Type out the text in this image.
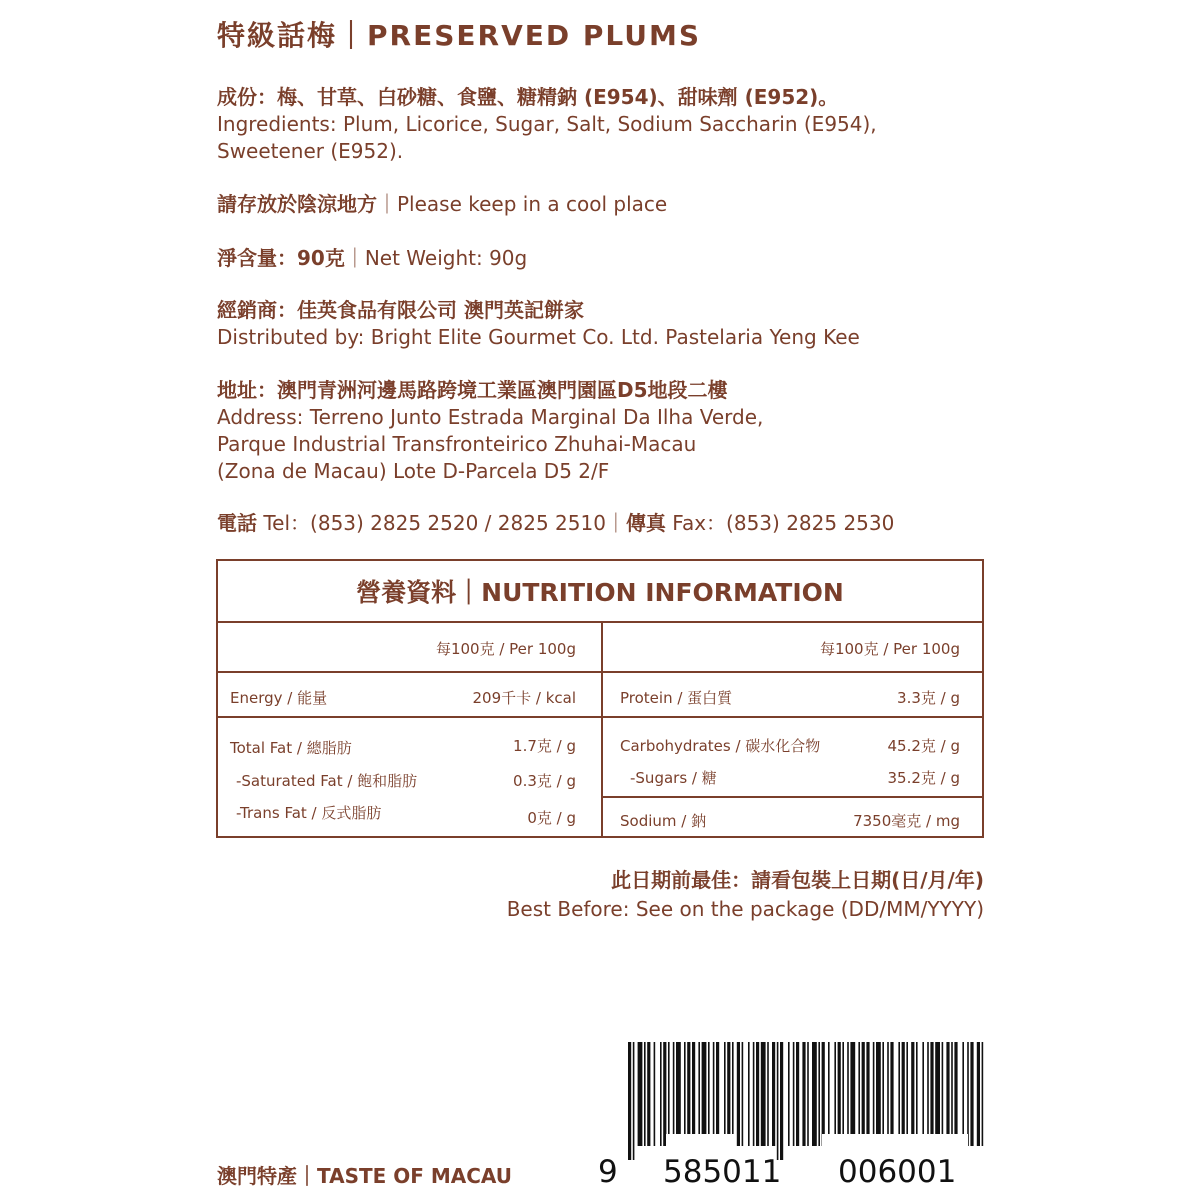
特級話梅｜PRESERVED PLUMS
成份：梅、甘草、白砂糖、食鹽、糖精鈉 (E954)、甜味劑 (E952)。
Ingredients: Plum, Licorice, Sugar, Salt, Sodium Saccharin (E954),
Sweetener (E952).
請存放於陰涼地方｜Please keep in a cool place
淨含量：90克｜Net Weight: 90g
經銷商：佳英食品有限公司 澳門英記餅家
Distributed by: Bright Elite Gourmet Co. Ltd. Pastelaria Yeng Kee
地址：澳門青洲河邊馬路跨境工業區澳門園區D5地段二樓
Address: Terreno Junto Estrada Marginal Da Ilha Verde,
Parque Industrial Transfronteirico Zhuhai-Macau
(Zona de Macau) Lote D-Parcela D5 2/F
電話 Tel：(853) 2825 2520 / 2825 2510｜傳真 Fax：(853) 2825 2530
營養資料｜NUTRITION INFORMATION
每100克 / Per 100g	每100克 / Per 100g
Energy / 能量	209千卡 / kcal
Total Fat / 總脂肪	1.7克 / g
-Saturated Fat / 飽和脂肪	0.3克 / g
-Trans Fat / 反式脂肪	0克 / g
Protein / 蛋白質	3.3克 / g
Carbohydrates / 碳水化合物	45.2克 / g
-Sugars / 糖	35.2克 / g
Sodium / 鈉	7350毫克 / mg
此日期前最佳：請看包裝上日期(日/月/年)
Best Before: See on the package (DD/MM/YYYY)
9 585011 006001
澳門特產｜TASTE OF MACAU
